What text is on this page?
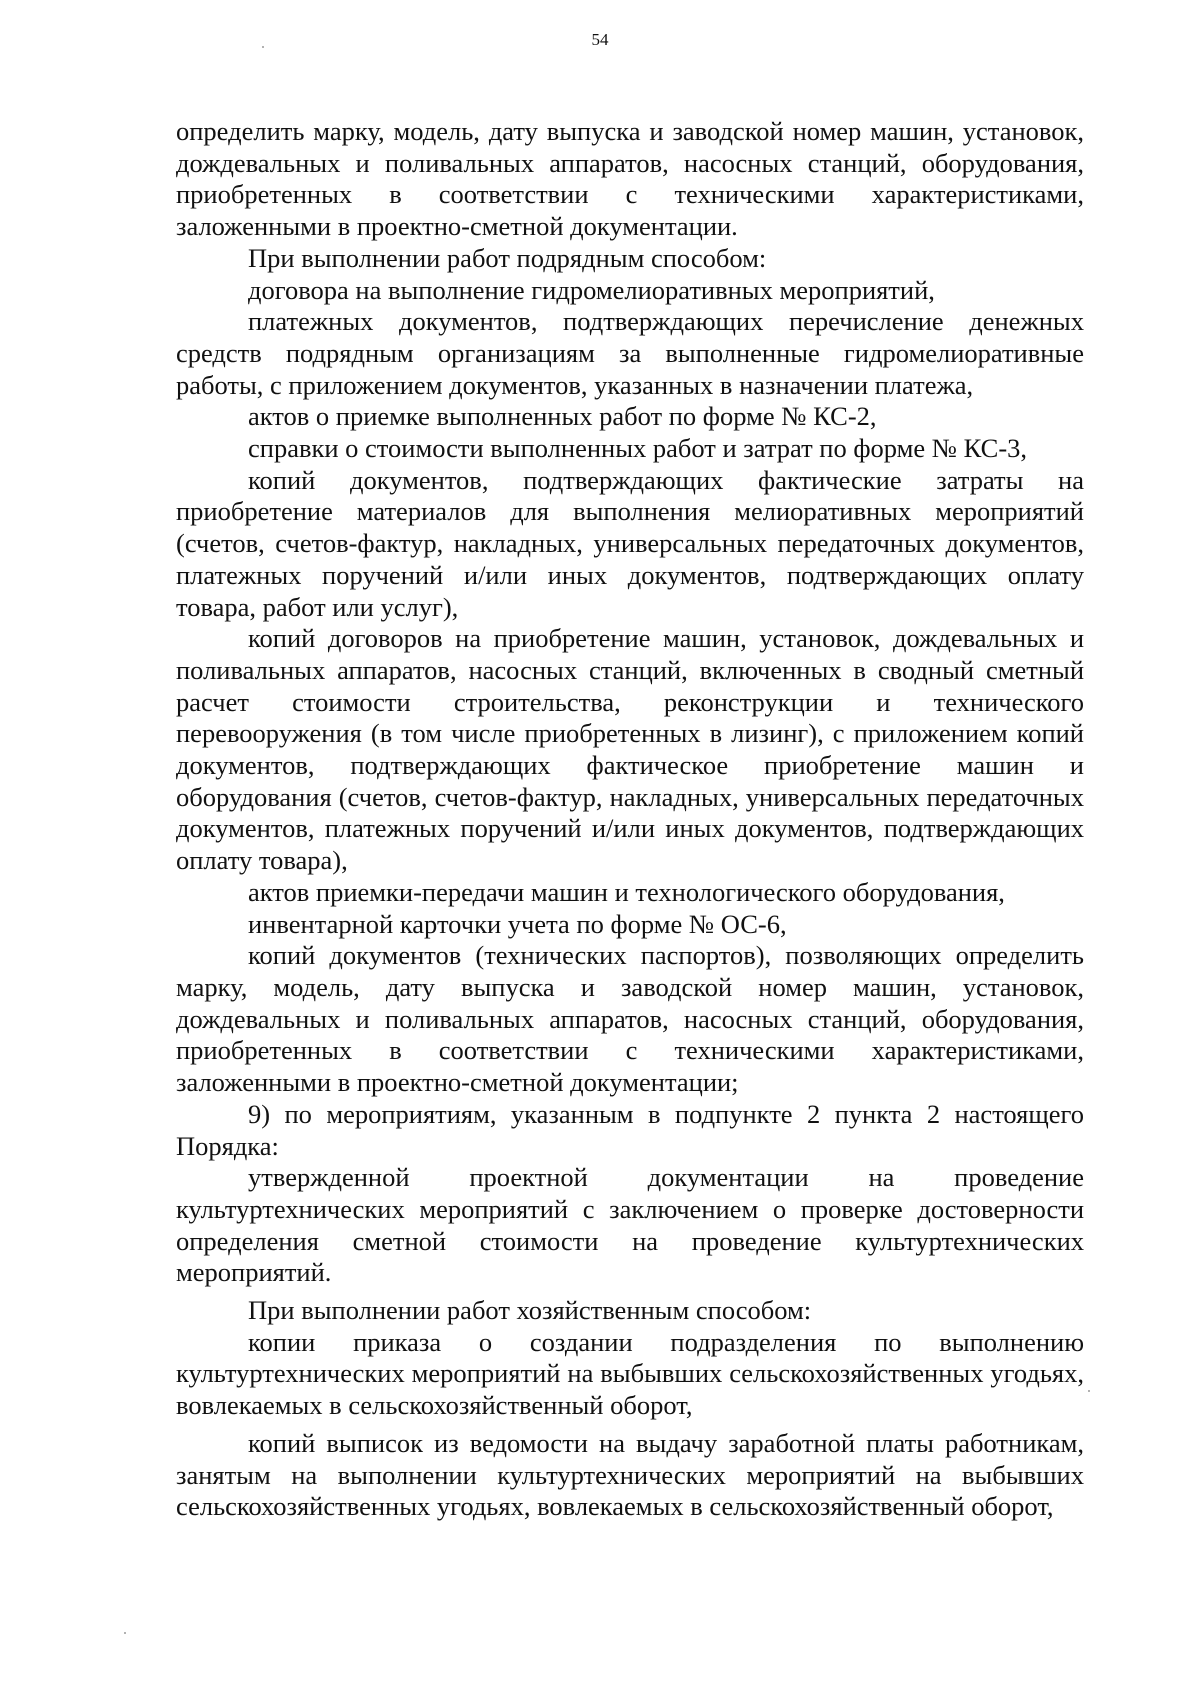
54

определить марку, модель, дату выпуска и заводской номер машин, установок, дождевальных и поливальных аппаратов, насосных станций, оборудования, приобретенных в соответствии с техническими характеристиками, заложенными в проектно-сметной документации.

При выполнении работ подрядным способом:

договора на выполнение гидромелиоративных мероприятий,

платежных документов, подтверждающих перечисление денежных средств подрядным организациям за выполненные гидромелиоративные работы, с приложением документов, указанных в назначении платежа,

актов о приемке выполненных работ по форме № КС-2,

справки о стоимости выполненных работ и затрат по форме № КС-3,

копий документов, подтверждающих фактические затраты на приобретение материалов для выполнения мелиоративных мероприятий (счетов, счетов-фактур, накладных, универсальных передаточных документов, платежных поручений и/или иных документов, подтверждающих оплату товара, работ или услуг),

копий договоров на приобретение машин, установок, дождевальных и поливальных аппаратов, насосных станций, включенных в сводный сметный расчет стоимости строительства, реконструкции и технического перевооружения (в том числе приобретенных в лизинг), с приложением копий документов, подтверждающих фактическое приобретение машин и оборудования (счетов, счетов-фактур, накладных, универсальных передаточных документов, платежных поручений и/или иных документов, подтверждающих оплату товара),

актов приемки-передачи машин и технологического оборудования,

инвентарной карточки учета по форме № ОС-6,

копий документов (технических паспортов), позволяющих определить марку, модель, дату выпуска и заводской номер машин, установок, дождевальных и поливальных аппаратов, насосных станций, оборудования, приобретенных в соответствии с техническими характеристиками, заложенными в проектно-сметной документации;

9) по мероприятиям, указанным в подпункте 2 пункта 2 настоящего Порядка:

утвержденной проектной документации на проведение культуртехнических мероприятий с заключением о проверке достоверности определения сметной стоимости на проведение культуртехнических мероприятий.

При выполнении работ хозяйственным способом:

копии приказа о создании подразделения по выполнению культуртехнических мероприятий на выбывших сельскохозяйственных угодьях, вовлекаемых в сельскохозяйственный оборот,

копий выписок из ведомости на выдачу заработной платы работникам, занятым на выполнении культуртехнических мероприятий на выбывших сельскохозяйственных угодьях, вовлекаемых в сельскохозяйственный оборот,
